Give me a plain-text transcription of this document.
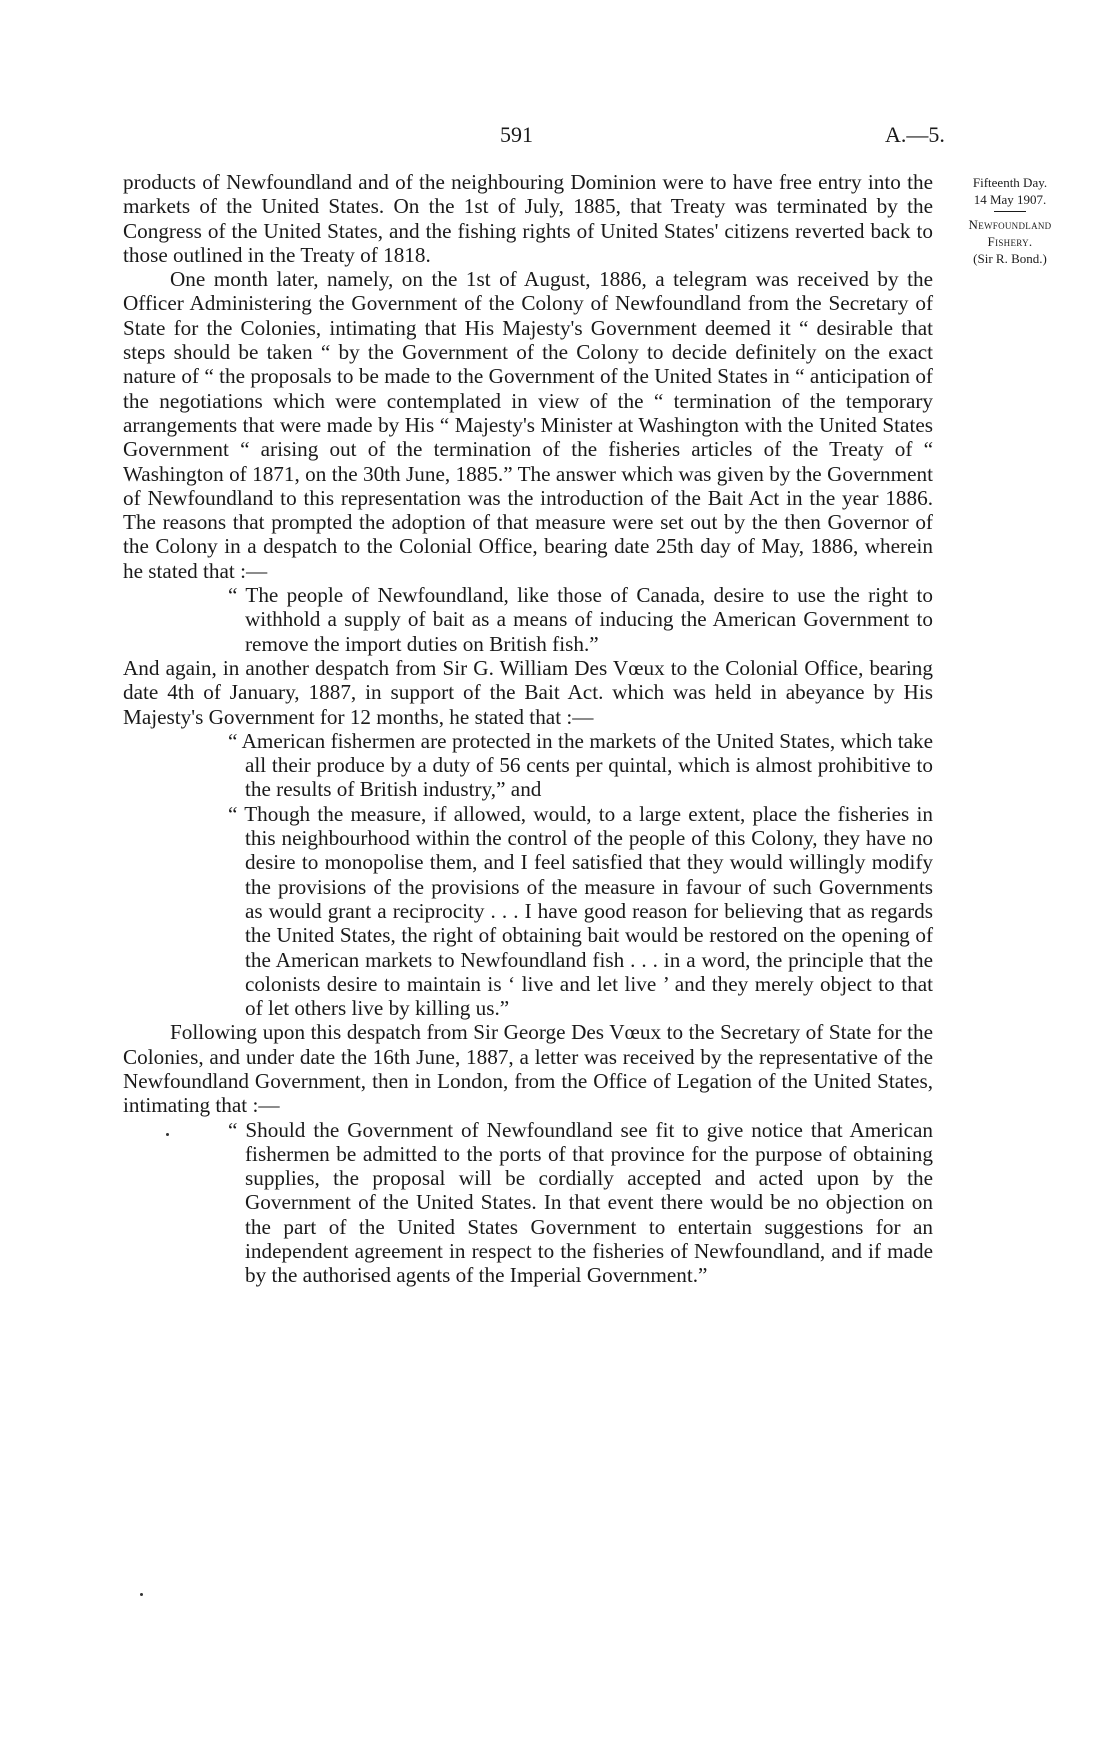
591	A.—5.
Fifteenth Day.
14 May 1907.
Newfoundland Fishery.
(Sir R. Bond.)

products of Newfoundland and of the neighbouring Dominion were to have free entry into the markets of the United States. On the 1st of July, 1885, that Treaty was terminated by the Congress of the United States, and the fishing rights of United States' citizens reverted back to those outlined in the Treaty of 1818.

One month later, namely, on the 1st of August, 1886, a telegram was received by the Officer Administering the Government of the Colony of Newfoundland from the Secretary of State for the Colonies, intimating that His Majesty's Government deemed it “ desirable that steps should be taken “ by the Government of the Colony to decide definitely on the exact nature of “ the proposals to be made to the Government of the United States in “ anticipation of the negotiations which were contemplated in view of the “ termination of the temporary arrangements that were made by His “ Majesty's Minister at Washington with the United States Government “ arising out of the termination of the fisheries articles of the Treaty of “ Washington of 1871, on the 30th June, 1885.” The answer which was given by the Government of Newfoundland to this representation was the introduction of the Bait Act in the year 1886. The reasons that prompted the adoption of that measure were set out by the then Governor of the Colony in a despatch to the Colonial Office, bearing date 25th day of May, 1886, wherein he stated that :—

“ The people of Newfoundland, like those of Canada, desire to use the right to withhold a supply of bait as a means of inducing the American Government to remove the import duties on British fish.”

And again, in another despatch from Sir G. William Des Vœux to the Colonial Office, bearing date 4th of January, 1887, in support of the Bait Act. which was held in abeyance by His Majesty's Government for 12 months, he stated that :—

“ American fishermen are protected in the markets of the United States, which take all their produce by a duty of 56 cents per quintal, which is almost prohibitive to the results of British industry,” and

“ Though the measure, if allowed, would, to a large extent, place the fisheries in this neighbourhood within the control of the people of this Colony, they have no desire to monopolise them, and I feel satisfied that they would willingly modify the provisions of the provisions of the measure in favour of such Governments as would grant a reciprocity . . . I have good reason for believing that as regards the United States, the right of obtaining bait would be restored on the opening of the American markets to Newfoundland fish . . . in a word, the principle that the colonists desire to maintain is ‘ live and let live ’ and they merely object to that of let others live by killing us.”

Following upon this despatch from Sir George Des Vœux to the Secretary of State for the Colonies, and under date the 16th June, 1887, a letter was received by the representative of the Newfoundland Government, then in London, from the Office of Legation of the United States, intimating that :—

“ Should the Government of Newfoundland see fit to give notice that American fishermen be admitted to the ports of that province for the purpose of obtaining supplies, the proposal will be cordially accepted and acted upon by the Government of the United States. In that event there would be no objection on the part of the United States Government to entertain suggestions for an independent agreement in respect to the fisheries of Newfoundland, and if made by the authorised agents of the Imperial Government.”
